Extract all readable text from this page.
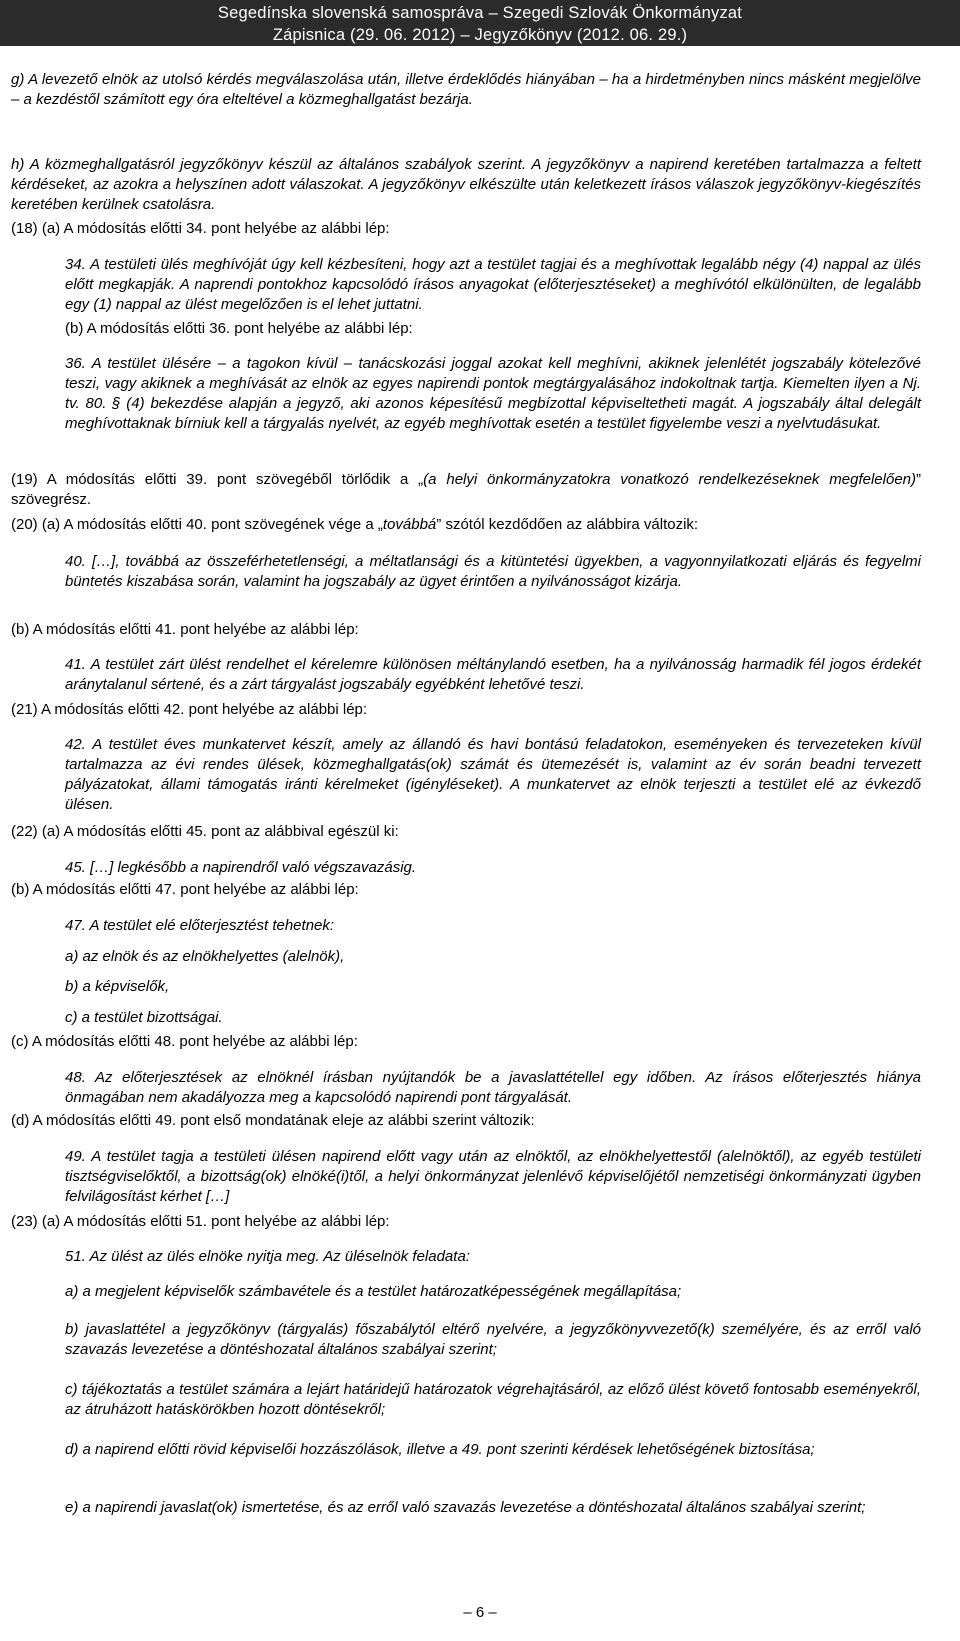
Segedínska slovenská samospráva – Szegedi Szlovák Önkormányzat
Zápisnica (29. 06. 2012) – Jegyzőkönyv (2012. 06. 29.)
g) A levezető elnök az utolsó kérdés megválaszolása után, illetve érdeklődés hiányában – ha a hirdetményben nincs másként megjelölve – a kezdéstől számított egy óra elteltével a közmeghallgatást bezárja.
h) A közmeghallgatásról jegyzőkönyv készül az általános szabályok szerint. A jegyzőkönyv a napirend keretében tartalmazza a feltett kérdéseket, az azokra a helyszínen adott válaszokat. A jegyzőkönyv elkészülte után keletkezett írásos válaszok jegyzőkönyv-kiegészítés keretében kerülnek csatolásra.
(18) (a) A módosítás előtti 34. pont helyébe az alábbi lép:
34. A testületi ülés meghívóját úgy kell kézbesíteni, hogy azt a testület tagjai és a meghívottak legalább négy (4) nappal az ülés előtt megkapják. A naprendi pontokhoz kapcsolódó írásos anyagokat (előterjesztéseket) a meghívótól elkülönülten, de legalább egy (1) nappal az ülést megelőzően is el lehet juttatni.
(b) A módosítás előtti 36. pont helyébe az alábbi lép:
36. A testület ülésére – a tagokon kívül – tanácskozási joggal azokat kell meghívni, akiknek jelenlétét jogszabály kötelezővé teszi, vagy akiknek a meghívását az elnök az egyes napirendi pontok megtárgyalásához indokoltnak tartja. Kiemelten ilyen a Nj. tv. 80. § (4) bekezdése alapján a jegyző, aki azonos képesítésű megbízottal képviseltetheti magát. A jogszabály által delegált meghívottaknak bírniuk kell a tárgyalás nyelvét, az egyéb meghívottak esetén a testület figyelembe veszi a nyelvtudásukat.
(19) A módosítás előtti 39. pont szövegéből törlődik a „(a helyi önkormányzatokra vonatkozó rendelkezéseknek megfelelően)” szövegrész.
(20) (a) A módosítás előtti 40. pont szövegének vége a „továbbá” szótól kezdődően az alábbira változik:
40. […], továbbá az összeférhetetlenségi, a méltatlansági és a kitüntetési ügyekben, a vagyonnyilatkozati eljárás és fegyelmi büntetés kiszabása során, valamint ha jogszabály az ügyet érintően a nyilvánosságot kizárja.
(b) A módosítás előtti 41. pont helyébe az alábbi lép:
41. A testület zárt ülést rendelhet el kérelemre különösen méltánylandó esetben, ha a nyilvánosság harmadik fél jogos érdekét aránytalanul sértené, és a zárt tárgyalást jogszabály egyébként lehetővé teszi.
(21) A módosítás előtti 42. pont helyébe az alábbi lép:
42. A testület éves munkatervet készít, amely az állandó és havi bontású feladatokon, eseményeken és tervezeteken kívül tartalmazza az évi rendes ülések, közmeghallgatás(ok) számát és ütemezését is, valamint az év során beadni tervezett pályázatokat, állami támogatás iránti kérelmeket (igényléseket). A munkatervet az elnök terjeszti a testület elé az évkezdő ülésen.
(22) (a) A módosítás előtti 45. pont az alábbival egészül ki:
45. […] legkésőbb a napirendről való végszavazásig.
(b) A módosítás előtti 47. pont helyébe az alábbi lép:
47. A testület elé előterjesztést tehetnek:
a) az elnök és az elnökhelyettes (alelnök),
b) a képviselők,
c) a testület bizottságai.
(c) A módosítás előtti 48. pont helyébe az alábbi lép:
48. Az előterjesztések az elnöknél írásban nyújtandók be a javaslattétellel egy időben. Az írásos előterjesztés hiánya önmagában nem akadályozza meg a kapcsolódó napirendi pont tárgyalását.
(d) A módosítás előtti 49. pont első mondatának eleje az alábbi szerint változik:
49. A testület tagja a testületi ülésen napirend előtt vagy után az elnöktől, az elnökhelyettestől (alelnöktől), az egyéb testületi tisztségviselőktől, a bizottság(ok) elnöké(i)től, a helyi önkormányzat jelenlévő képviselőjétől nemzetiségi önkormányzati ügyben felvilágosítást kérhet […]
(23) (a) A módosítás előtti 51. pont helyébe az alábbi lép:
51. Az ülést az ülés elnöke nyitja meg. Az üléselnök feladata:
a) a megjelent képviselők számbavétele és a testület határozatképességének megállapítása;
b) javaslattétel a jegyzőkönyv (tárgyalás) főszabálytól eltérő nyelvére, a jegyzőkönyvvezető(k) személyére, és az erről való szavazás levezetése a döntéshozatal általános szabályai szerint;
c) tájékoztatás a testület számára a lejárt határidejű határozatok végrehajtásáról, az előző ülést követő fontosabb eseményekről, az átruházott hatáskörökben hozott döntésekről;
d) a napirend előtti rövid képviselői hozzászólások, illetve a 49. pont szerinti kérdések lehetőségének biztosítása;
e) a napirendi javaslat(ok) ismertetése, és az erről való szavazás levezetése a döntéshozatal általános szabályai szerint;
– 6 –
